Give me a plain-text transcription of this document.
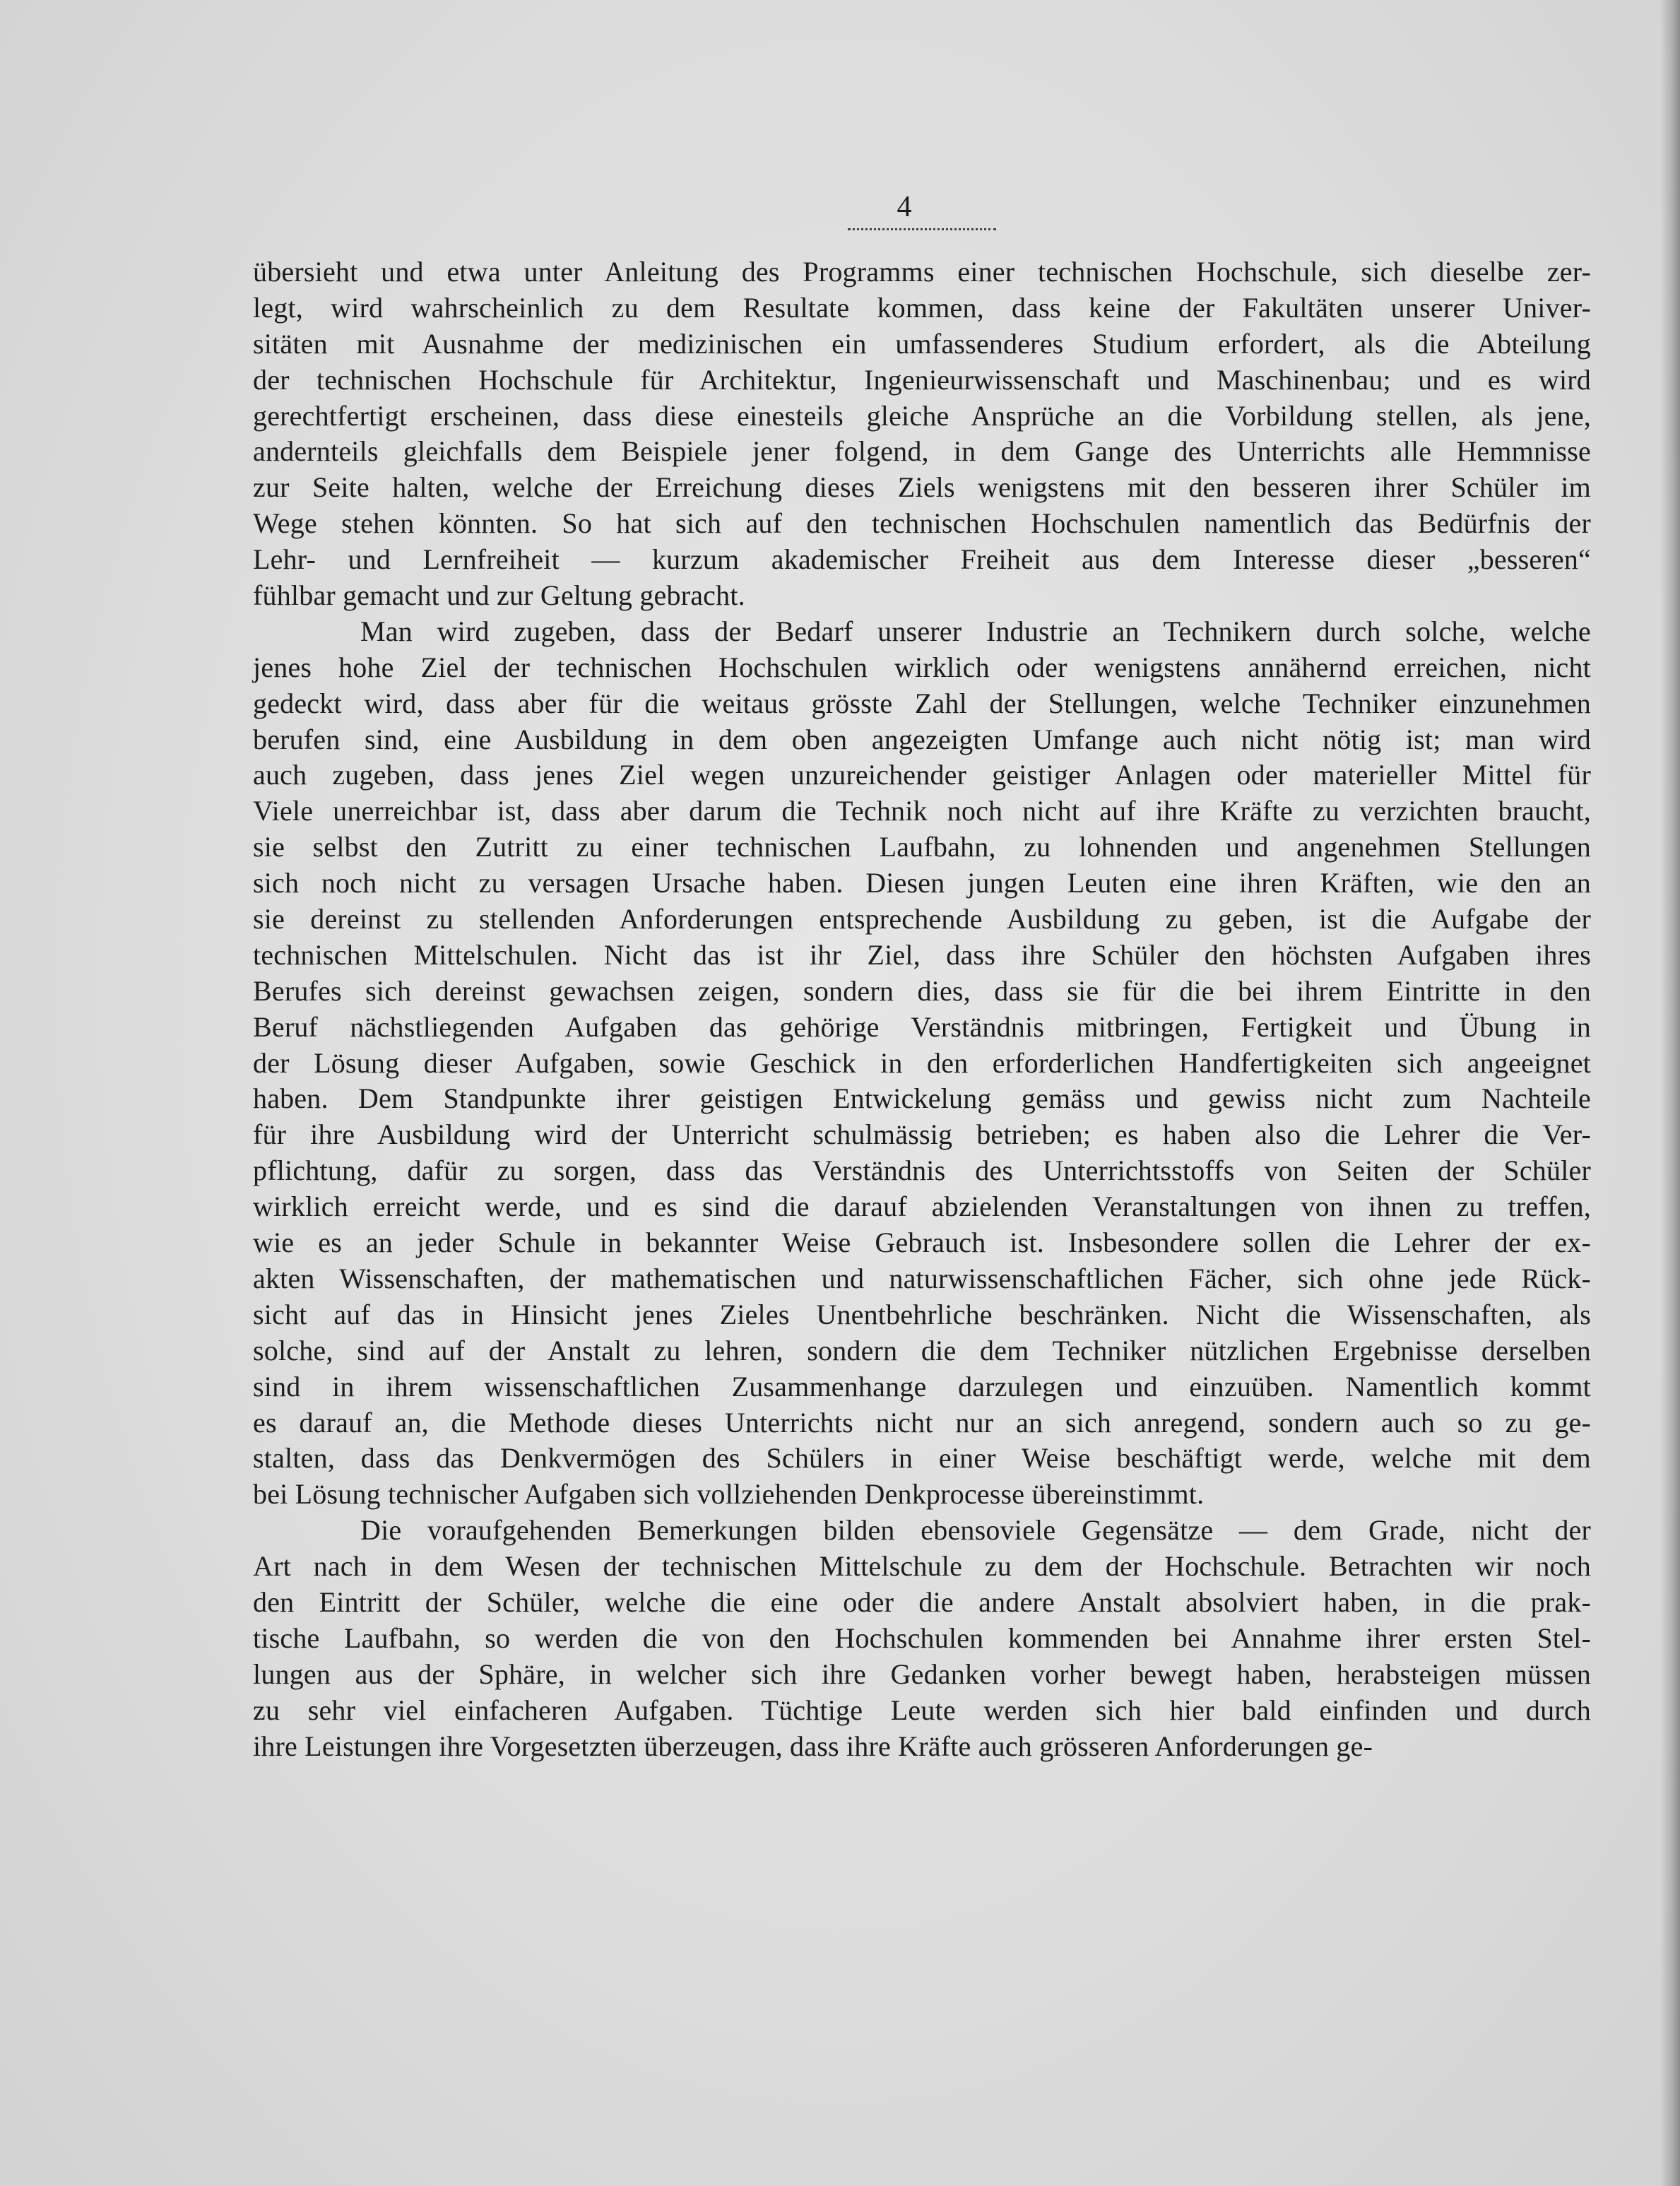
4
übersieht und etwa unter Anleitung des Programms einer technischen Hochschule, sich dieselbe zer-
legt, wird wahrscheinlich zu dem Resultate kommen, dass keine der Fakultäten unserer Univer-
sitäten mit Ausnahme der medizinischen ein umfassenderes Studium erfordert, als die Abteilung
der technischen Hochschule für Architektur, Ingenieurwissenschaft und Maschinenbau; und es wird
gerechtfertigt erscheinen, dass diese einesteils gleiche Ansprüche an die Vorbildung stellen, als jene,
andernteils gleichfalls dem Beispiele jener folgend, in dem Gange des Unterrichts alle Hemmnisse
zur Seite halten, welche der Erreichung dieses Ziels wenigstens mit den besseren ihrer Schüler im
Wege stehen könnten. So hat sich auf den technischen Hochschulen namentlich das Bedürfnis der
Lehr- und Lernfreiheit — kurzum akademischer Freiheit aus dem Interesse dieser „besseren“
fühlbar gemacht und zur Geltung gebracht.
Man wird zugeben, dass der Bedarf unserer Industrie an Technikern durch solche, welche
jenes hohe Ziel der technischen Hochschulen wirklich oder wenigstens annähernd erreichen, nicht
gedeckt wird, dass aber für die weitaus grösste Zahl der Stellungen, welche Techniker einzunehmen
berufen sind, eine Ausbildung in dem oben angezeigten Umfange auch nicht nötig ist; man wird
auch zugeben, dass jenes Ziel wegen unzureichender geistiger Anlagen oder materieller Mittel für
Viele unerreichbar ist, dass aber darum die Technik noch nicht auf ihre Kräfte zu verzichten braucht,
sie selbst den Zutritt zu einer technischen Laufbahn, zu lohnenden und angenehmen Stellungen
sich noch nicht zu versagen Ursache haben. Diesen jungen Leuten eine ihren Kräften, wie den an
sie dereinst zu stellenden Anforderungen entsprechende Ausbildung zu geben, ist die Aufgabe der
technischen Mittelschulen. Nicht das ist ihr Ziel, dass ihre Schüler den höchsten Aufgaben ihres
Berufes sich dereinst gewachsen zeigen, sondern dies, dass sie für die bei ihrem Eintritte in den
Beruf nächstliegenden Aufgaben das gehörige Verständnis mitbringen, Fertigkeit und Übung in
der Lösung dieser Aufgaben, sowie Geschick in den erforderlichen Handfertigkeiten sich angeeignet
haben. Dem Standpunkte ihrer geistigen Entwickelung gemäss und gewiss nicht zum Nachteile
für ihre Ausbildung wird der Unterricht schulmässig betrieben; es haben also die Lehrer die Ver-
pflichtung, dafür zu sorgen, dass das Verständnis des Unterrichtsstoffs von Seiten der Schüler
wirklich erreicht werde, und es sind die darauf abzielenden Veranstaltungen von ihnen zu treffen,
wie es an jeder Schule in bekannter Weise Gebrauch ist. Insbesondere sollen die Lehrer der ex-
akten Wissenschaften, der mathematischen und naturwissenschaftlichen Fächer, sich ohne jede Rück-
sicht auf das in Hinsicht jenes Zieles Unentbehrliche beschränken. Nicht die Wissenschaften, als
solche, sind auf der Anstalt zu lehren, sondern die dem Techniker nützlichen Ergebnisse derselben
sind in ihrem wissenschaftlichen Zusammenhange darzulegen und einzuüben. Namentlich kommt
es darauf an, die Methode dieses Unterrichts nicht nur an sich anregend, sondern auch so zu ge-
stalten, dass das Denkvermögen des Schülers in einer Weise beschäftigt werde, welche mit dem
bei Lösung technischer Aufgaben sich vollziehenden Denkprocesse übereinstimmt.
Die voraufgehenden Bemerkungen bilden ebensoviele Gegensätze — dem Grade, nicht der
Art nach in dem Wesen der technischen Mittelschule zu dem der Hochschule. Betrachten wir noch
den Eintritt der Schüler, welche die eine oder die andere Anstalt absolviert haben, in die prak-
tische Laufbahn, so werden die von den Hochschulen kommenden bei Annahme ihrer ersten Stel-
lungen aus der Sphäre, in welcher sich ihre Gedanken vorher bewegt haben, herabsteigen müssen
zu sehr viel einfacheren Aufgaben. Tüchtige Leute werden sich hier bald einfinden und durch
ihre Leistungen ihre Vorgesetzten überzeugen, dass ihre Kräfte auch grösseren Anforderungen ge-
